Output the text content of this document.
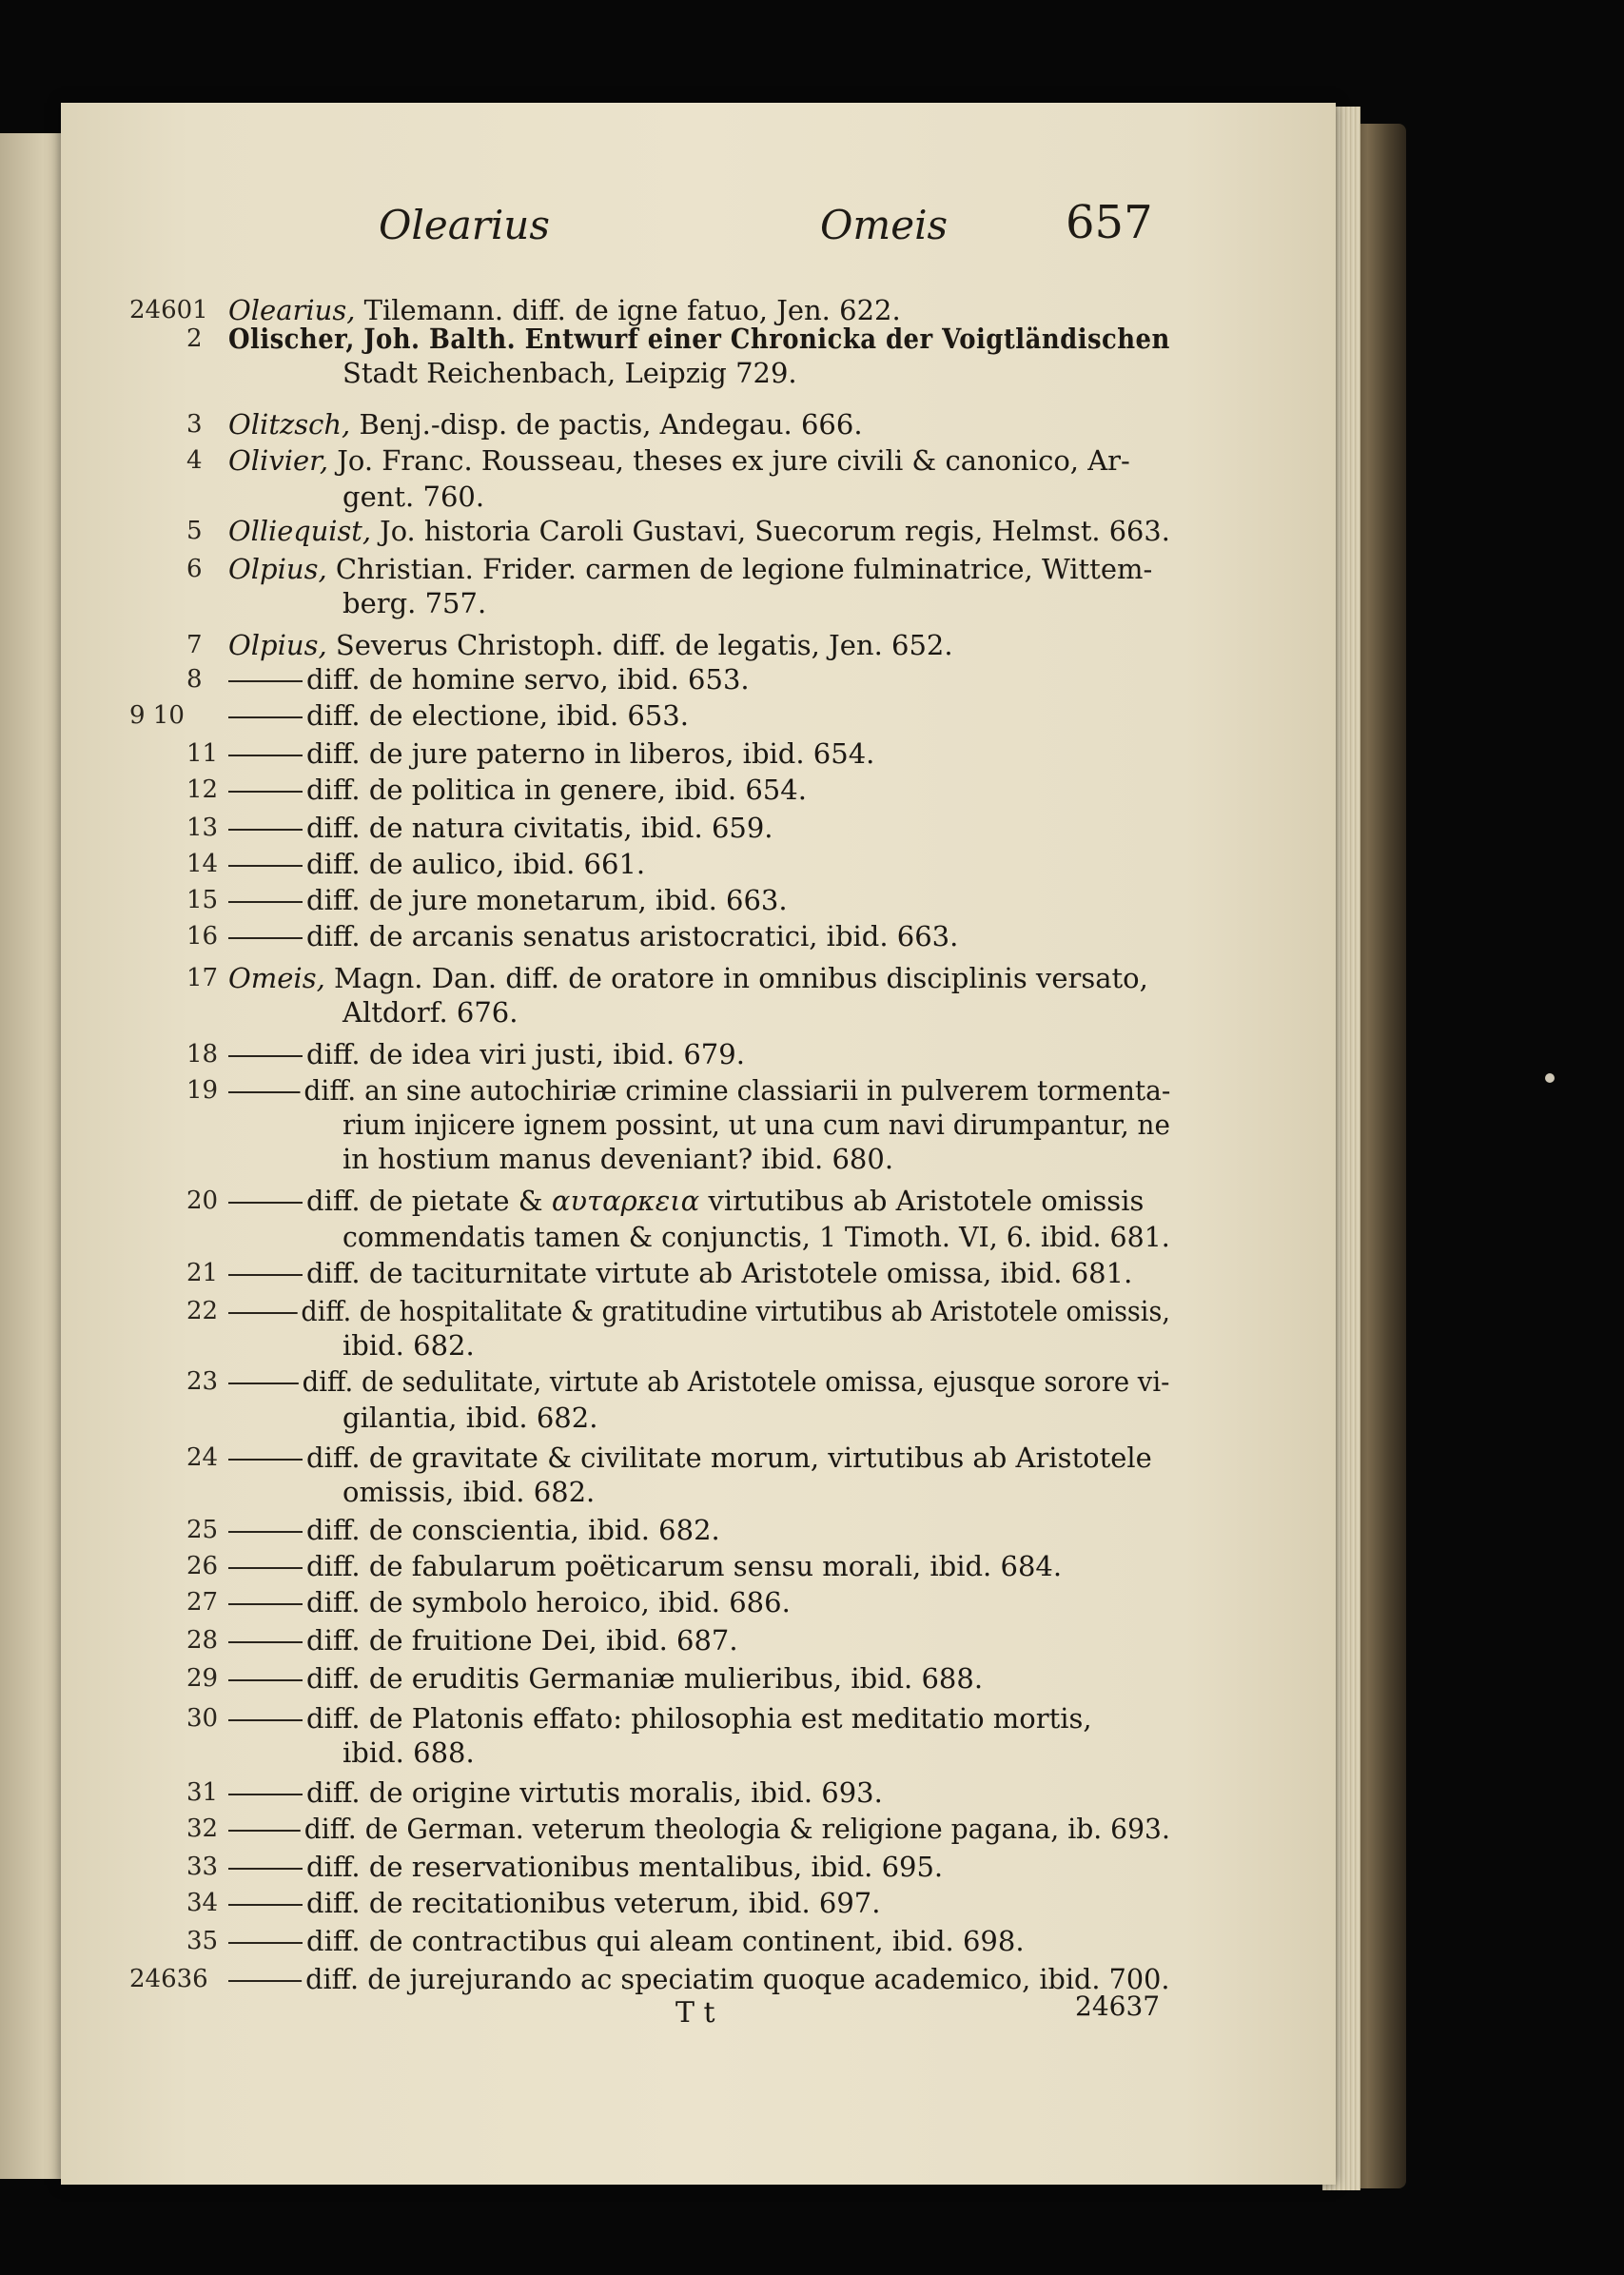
Olearius	Omeis	657
24601 Olearius, Tilemann. diff. de igne fatuo, Jen. 622.
2 Olischer, Joh. Balth. Entwurf einer Chronicka der Voigtländischen
Stadt Reichenbach, Leipzig 729.
3 Olitzsch, Benj.-disp. de pactis, Andegau. 666.
4 Olivier, Jo. Franc. Rousseau, theses ex jure civili & canonico, Ar-
gent. 760.
5 Olliequist, Jo. historia Caroli Gustavi, Suecorum regis, Helmst. 663.
6 Olpius, Christian. Frider. carmen de legione fulminatrice, Wittem-
berg. 757.
7 Olpius, Severus Christoph. diff. de legatis, Jen. 652.
8	diff. de homine servo, ibid. 653.
9 10	diff. de electione, ibid. 653.
11	diff. de jure paterno in liberos, ibid. 654.
12	diff. de politica in genere, ibid. 654.
13	diff. de natura civitatis, ibid. 659.
14	diff. de aulico, ibid. 661.
15	diff. de jure monetarum, ibid. 663.
16	diff. de arcanis senatus aristocratici, ibid. 663.
17 Omeis, Magn. Dan. diff. de oratore in omnibus disciplinis versato,
Altdorf. 676.
18	diff. de idea viri justi, ibid. 679.
19	diff. an sine autochiriæ crimine classiarii in pulverem tormenta-
rium injicere ignem possint, ut una cum navi dirumpantur, ne
in hostium manus deveniant? ibid. 680.
20	diff. de pietate & αυταρκεια virtutibus ab Aristotele omissis
commendatis tamen & conjunctis, 1 Timoth. VI, 6. ibid. 681.
21	diff. de taciturnitate virtute ab Aristotele omissa, ibid. 681.
22	diff. de hospitalitate & gratitudine virtutibus ab Aristotele omissis,
ibid. 682.
23	diff. de sedulitate, virtute ab Aristotele omissa, ejusque sorore vi-
gilantia, ibid. 682.
24	diff. de gravitate & civilitate morum, virtutibus ab Aristotele
omissis, ibid. 682.
25	diff. de conscientia, ibid. 682.
26	diff. de fabularum poëticarum sensu morali, ibid. 684.
27	diff. de symbolo heroico, ibid. 686.
28	diff. de fruitione Dei, ibid. 687.
29	diff. de eruditis Germaniæ mulieribus, ibid. 688.
30	diff. de Platonis effato: philosophia est meditatio mortis,
ibid. 688.
31	diff. de origine virtutis moralis, ibid. 693.
32	diff. de German. veterum theologia & religione pagana, ib. 693.
33	diff. de reservationibus mentalibus, ibid. 695.
34	diff. de recitationibus veterum, ibid. 697.
35	diff. de contractibus qui aleam continent, ibid. 698.
24636	diff. de jurejurando ac speciatim quoque academico, ibid. 700.
T t	24637
